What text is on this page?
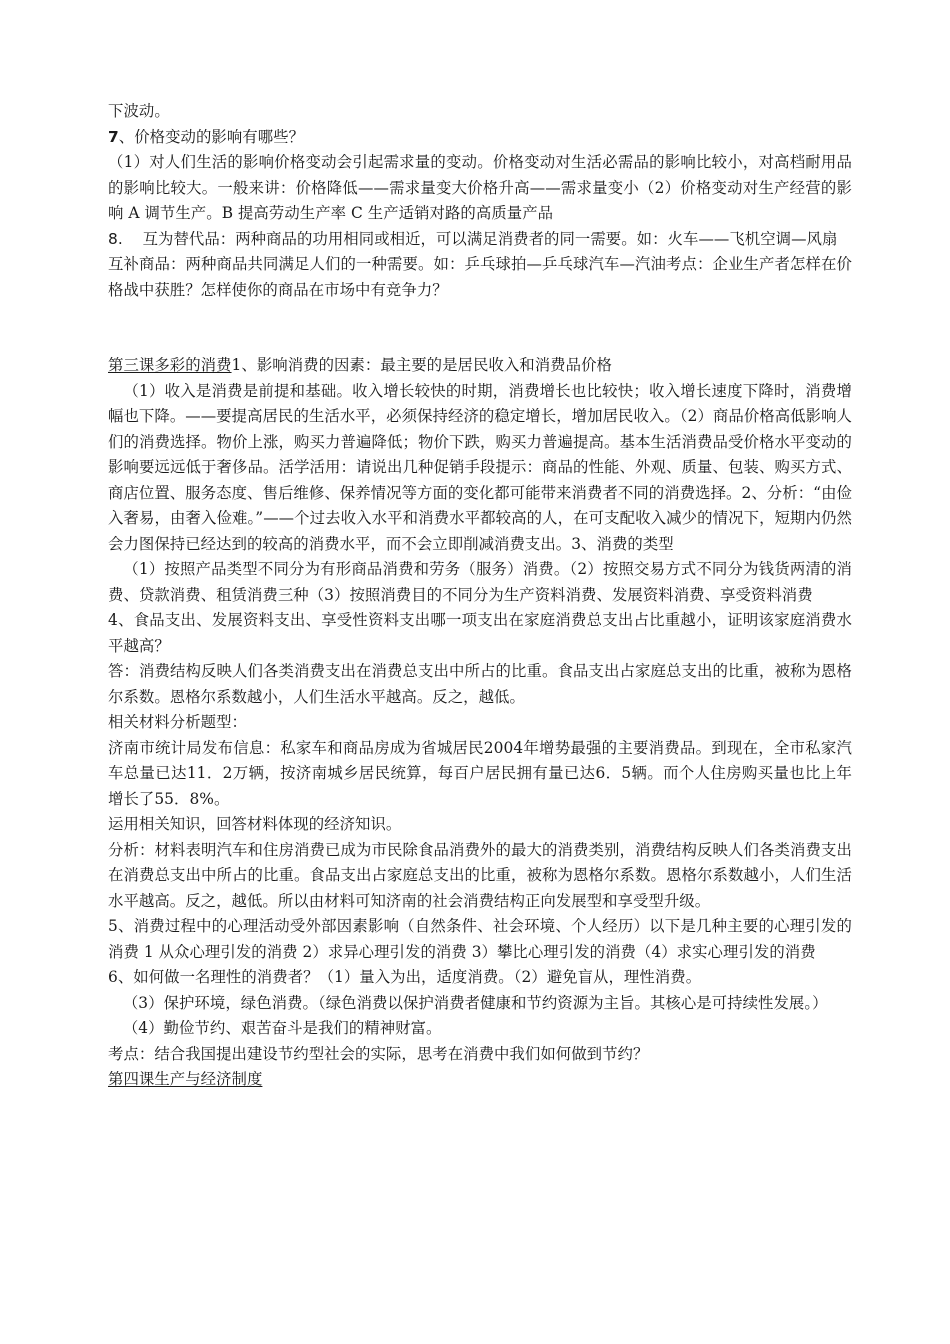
下波动。

7、价格变动的影响有哪些？

（1）对人们生活的影响价格变动会引起需求量的变动。价格变动对生活必需品的影响比较小，对高档耐用品的影响比较大。一般来讲：价格降低——需求量变大价格升高——需求量变小（2）价格变动对生产经营的影响 A 调节生产。B 提高劳动生产率 C 生产适销对路的高质量产品

8. 互为替代品：两种商品的功用相同或相近，可以满足消费者的同一需要。如：火车——飞机空调—风扇

互补商品：两种商品共同满足人们的一种需要。如：乒乓球拍—乒乓球汽车—汽油考点：企业生产者怎样在价格战中获胜？怎样使你的商品在市场中有竞争力？

第三课多彩的消费1、影响消费的因素：最主要的是居民收入和消费品价格

（1）收入是消费是前提和基础。收入增长较快的时期，消费增长也比较快；收入增长速度下降时，消费增幅也下降。——要提高居民的生活水平，必须保持经济的稳定增长，增加居民收入。（2）商品价格高低影响人们的消费选择。物价上涨，购买力普遍降低；物价下跌，购买力普遍提高。基本生活消费品受价格水平变动的影响要远远低于奢侈品。活学活用：请说出几种促销手段提示：商品的性能、外观、质量、包装、购买方式、商店位置、服务态度、售后维修、保养情况等方面的变化都可能带来消费者不同的消费选择。2、分析：“由俭入奢易，由奢入俭难。”——个过去收入水平和消费水平都较高的人，在可支配收入减少的情况下，短期内仍然会力图保持已经达到的较高的消费水平，而不会立即削减消费支出。3、消费的类型

（1）按照产品类型不同分为有形商品消费和劳务（服务）消费。（2）按照交易方式不同分为钱货两清的消费、贷款消费、租赁消费三种（3）按照消费目的不同分为生产资料消费、发展资料消费、享受资料消费

4、食品支出、发展资料支出、享受性资料支出哪一项支出在家庭消费总支出占比重越小，证明该家庭消费水平越高？

答：消费结构反映人们各类消费支出在消费总支出中所占的比重。食品支出占家庭总支出的比重，被称为恩格尔系数。恩格尔系数越小，人们生活水平越高。反之，越低。

相关材料分析题型：

济南市统计局发布信息：私家车和商品房成为省城居民2004年增势最强的主要消费品。到现在，全市私家汽车总量已达11．2万辆，按济南城乡居民统算，每百户居民拥有量已达6．5辆。而个人住房购买量也比上年增长了55．8%。

运用相关知识，回答材料体现的经济知识。

分析：材料表明汽车和住房消费已成为市民除食品消费外的最大的消费类别，消费结构反映人们各类消费支出在消费总支出中所占的比重。食品支出占家庭总支出的比重，被称为恩格尔系数。恩格尔系数越小，人们生活水平越高。反之，越低。所以由材料可知济南的社会消费结构正向发展型和享受型升级。

5、消费过程中的心理活动受外部因素影响（自然条件、社会环境、个人经历）以下是几种主要的心理引发的消费 1 从众心理引发的消费 2）求异心理引发的消费 3）攀比心理引发的消费（4）求实心理引发的消费

6、如何做一名理性的消费者？（1）量入为出，适度消费。（2）避免盲从，理性消费。

（3）保护环境，绿色消费。（绿色消费以保护消费者健康和节约资源为主旨。其核心是可持续性发展。）

（4）勤俭节约、艰苦奋斗是我们的精神财富。

考点：结合我国提出建设节约型社会的实际，思考在消费中我们如何做到节约？

第四课生产与经济制度
